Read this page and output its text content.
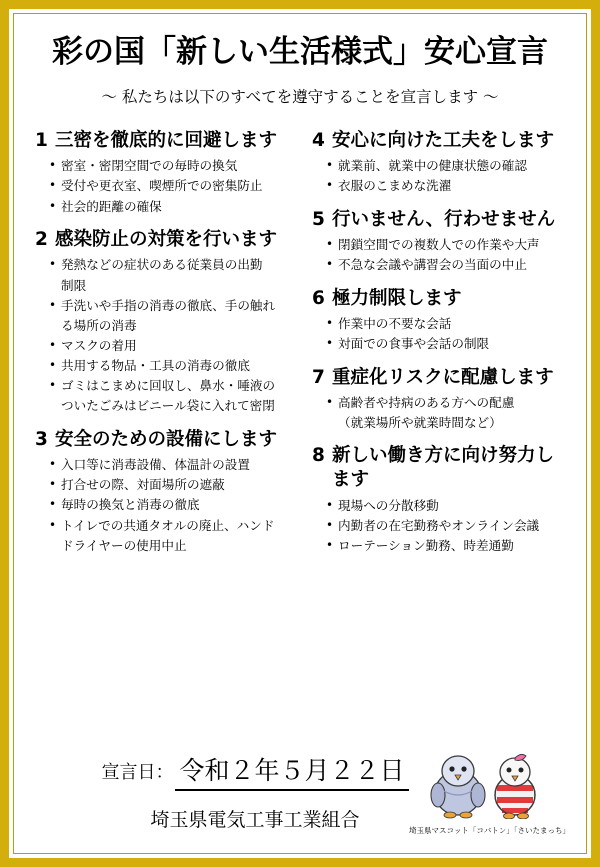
彩の国「新しい生活様式」安心宣言
〜 私たちは以下のすべてを遵守することを宣言します 〜
1 三密を徹底的に回避します
• 密室・密閉空間での毎時の換気
• 受付や更衣室、喫煙所での密集防止
• 社会的距離の確保
2 感染防止の対策を行います
• 発熱などの症状のある従業員の出勤
制限
• 手洗いや手指の消毒の徹底、手の触れ
る場所の消毒
• マスクの着用
• 共用する物品・工具の消毒の徹底
• ゴミはこまめに回収し、鼻水・唾液の
ついたごみはビニール袋に入れて密閉
3 安全のための設備にします
• 入口等に消毒設備、体温計の設置
• 打合せの際、対面場所の遮蔽
• 毎時の換気と消毒の徹底
• トイレでの共通タオルの廃止、ハンド
ドライヤーの使用中止
4 安心に向けた工夫をします
• 就業前、就業中の健康状態の確認
• 衣服のこまめな洗濯
5 行いません、行わせません
• 閉鎖空間での複数人での作業や大声
• 不急な会議や講習会の当面の中止
6 極力制限します
• 作業中の不要な会話
• 対面での食事や会話の制限
7 重症化リスクに配慮します
• 高齢者や持病のある方への配慮
（就業場所や就業時間など）
8 新しい働き方に向け努力します
• 現場への分散移動
• 内勤者の在宅勤務やオンライン会議
• ローテーション勤務、時差通勤
宣言日： 令和２年５月２２日
埼玉県電気工事工業組合	埼玉県マスコット「コバトン」「さいたまっち」
